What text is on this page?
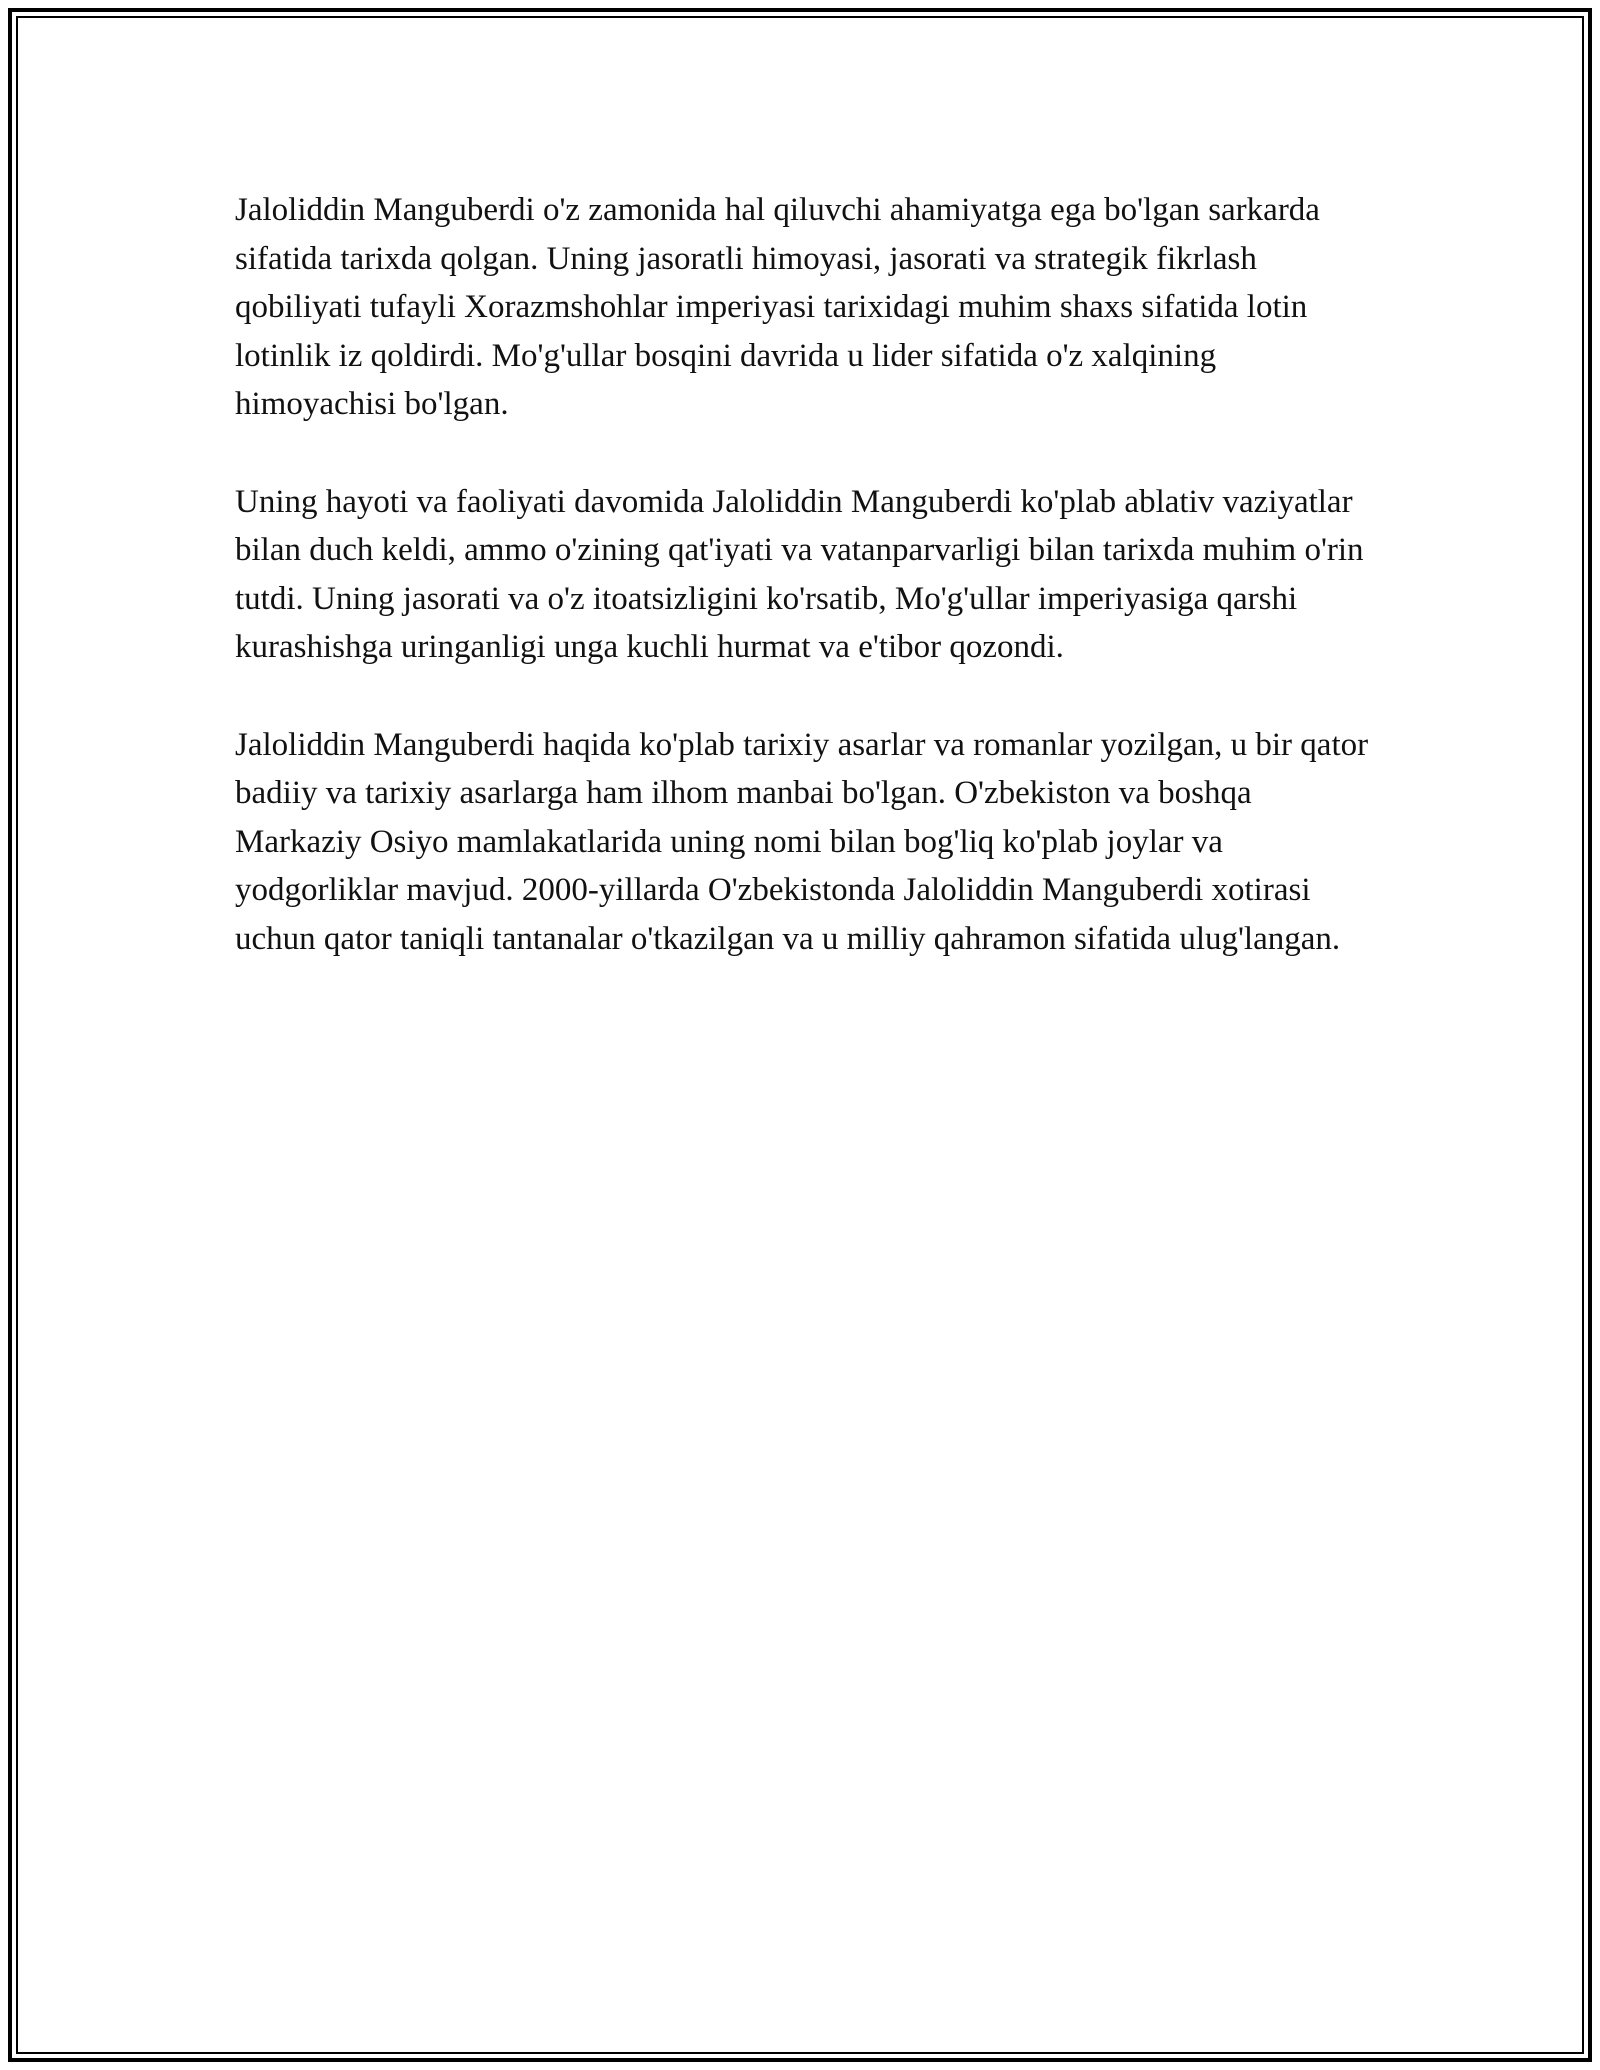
Jaloliddin Manguberdi o'z zamonida hal qiluvchi ahamiyatga ega bo'lgan sarkarda sifatida tarixda qolgan. Uning jasoratli himoyasi, jasorati va strategik fikrlash qobiliyati tufayli Xorazmshohlar imperiyasi tarixidagi muhim shaxs sifatida lotin lotinlik iz qoldirdi. Mo'g'ullar bosqini davrida u lider sifatida o'z xalqining himoyachisi bo'lgan.

Uning hayoti va faoliyati davomida Jaloliddin Manguberdi ko'plab ablativ vaziyatlar bilan duch keldi, ammo o'zining qat'iyati va vatanparvarligi bilan tarixda muhim o'rin tutdi. Uning jasorati va o'z itoatsizligini ko'rsatib, Mo'g'ullar imperiyasiga qarshi kurashishga uringanligi unga kuchli hurmat va e'tibor qozondi.

Jaloliddin Manguberdi haqida ko'plab tarixiy asarlar va romanlar yozilgan, u bir qator badiiy va tarixiy asarlarga ham ilhom manbai bo'lgan. O'zbekiston va boshqa Markaziy Osiyo mamlakatlarida uning nomi bilan bog'liq ko'plab joylar va yodgorliklar mavjud. 2000-yillarda O'zbekistonda Jaloliddin Manguberdi xotirasi uchun qator taniqli tantanalar o'tkazilgan va u milliy qahramon sifatida ulug'langan.
